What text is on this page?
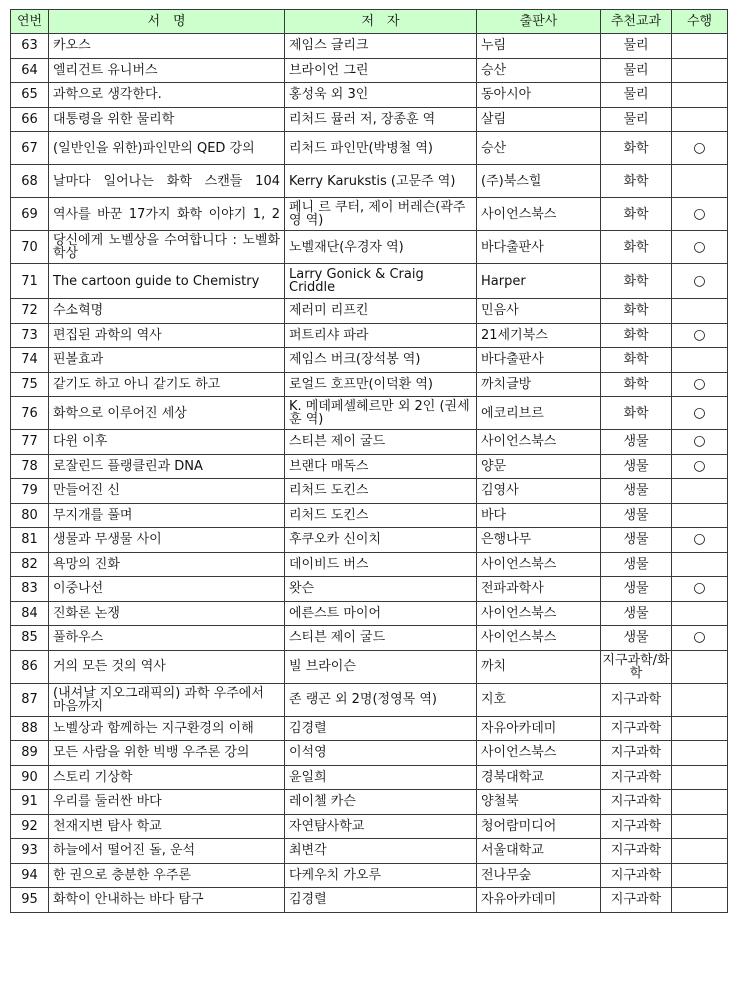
연번	서　명	저　자	출판사	추천교과	수행
63	카오스	제임스 글리크	누림	물리	
64	엘리건트 유니버스	브라이언 그린	승산	물리	
65	과학으로 생각한다.	홍성욱 외 3인	동아시아	물리	
66	대통령을 위한 물리학	리처드 뮬러 저, 장종훈 역	살림	물리	
67	(일반인을 위한)파인만의 QED 강의	리처드 파인만(박병철 역)	승산	화학	○
68	날마다 일어나는 화학 스캔들 104	Kerry Karukstis (고문주 역)	(주)북스힐	화학	
69	역사를 바꾼 17가지 화학 이야기 1, 2	페니 르 쿠터, 제이 버레슨(곽주영 역)	사이언스북스	화학	○
70	당신에게 노벨상을 수여합니다 : 노벨화학상	노벨재단(우경자 역)	바다출판사	화학	○
71	The cartoon guide to Chemistry	Larry Gonick & Craig Criddle	Harper	화학	○
72	수소혁명	제러미 리프킨	민음사	화학	
73	편집된 과학의 역사	퍼트리샤 파라	21세기북스	화학	○
74	핀볼효과	제임스 버크(장석봉 역)	바다출판사	화학	
75	같기도 하고 아니 같기도 하고	로얼드 호프만(이덕환 역)	까치글방	화학	○
76	화학으로 이루어진 세상	K. 메데페셀헤르만 외 2인 (권세훈 역)	에코리브르	화학	○
77	다윈 이후	스티븐 제이 굴드	사이언스북스	생물	○
78	로잘린드 플랭클린과 DNA	브랜다 매독스	양문	생물	○
79	만들어진 신	리처드 도킨스	김영사	생물	
80	무지개를 풀며	리처드 도킨스	바다	생물	
81	생물과 무생물 사이	후쿠오카 신이치	은행나무	생물	○
82	욕망의 진화	데이비드 버스	사이언스북스	생물	
83	이중나선	왓슨	전파과학사	생물	○
84	진화론 논쟁	에른스트 마이어	사이언스북스	생물	
85	풀하우스	스티븐 제이 굴드	사이언스북스	생물	○
86	거의 모든 것의 역사	빌 브라이슨	까치	지구과학/화학	
87	(내셔날 지오그래픽의) 과학 우주에서 마음까지	존 랭곤 외 2명(정영목 역)	지호	지구과학	
88	노벨상과 함께하는 지구환경의 이해	김경렬	자유아카데미	지구과학	
89	모든 사람을 위한 빅뱅 우주론 강의	이석영	사이언스북스	지구과학	
90	스토리 기상학	윤일희	경북대학교	지구과학	
91	우리를 둘러싼 바다	레이첼 카슨	양철북	지구과학	
92	천재지변 탐사 학교	자연탐사학교	청어람미디어	지구과학	
93	하늘에서 떨어진 돌, 운석	최변각	서울대학교	지구과학	
94	한 권으로 충분한 우주론	다케우치 가오루	전나무숲	지구과학	
95	화학이 안내하는 바다 탐구	김경렬	자유아카데미	지구과학	
